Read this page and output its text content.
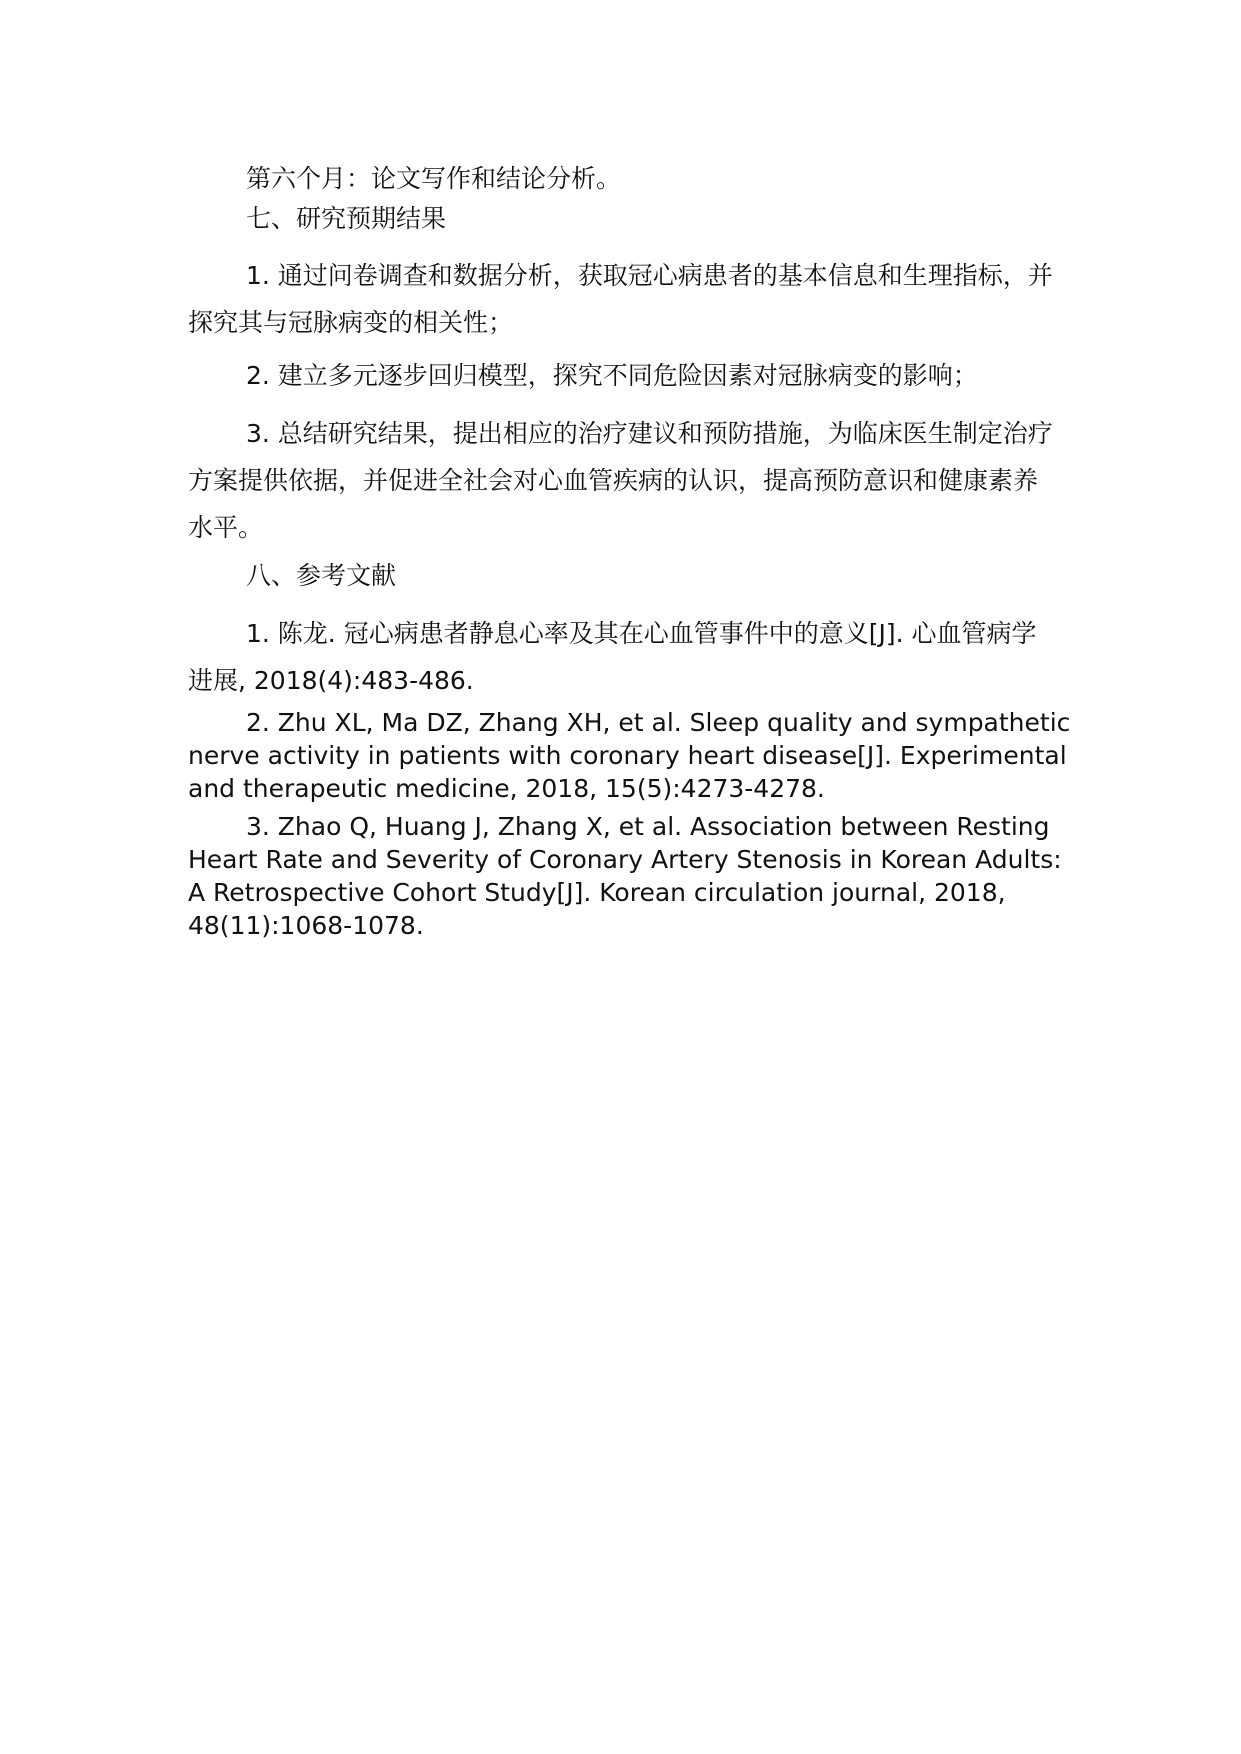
第六个月：论文写作和结论分析。

七、研究预期结果

1. 通过问卷调查和数据分析，获取冠心病患者的基本信息和生理指标，并探究其与冠脉病变的相关性；

2. 建立多元逐步回归模型，探究不同危险因素对冠脉病变的影响；

3. 总结研究结果，提出相应的治疗建议和预防措施，为临床医生制定治疗方案提供依据，并促进全社会对心血管疾病的认识，提高预防意识和健康素养水平。

八、参考文献

1. 陈龙. 冠心病患者静息心率及其在心血管事件中的意义[J]. 心血管病学进展, 2018(4):483-486.

2. Zhu XL, Ma DZ, Zhang XH, et al. Sleep quality and sympathetic nerve activity in patients with coronary heart disease[J]. Experimental and therapeutic medicine, 2018, 15(5):4273-4278.

3. Zhao Q, Huang J, Zhang X, et al. Association between Resting Heart Rate and Severity of Coronary Artery Stenosis in Korean Adults: A Retrospective Cohort Study[J]. Korean circulation journal, 2018, 48(11):1068-1078.
